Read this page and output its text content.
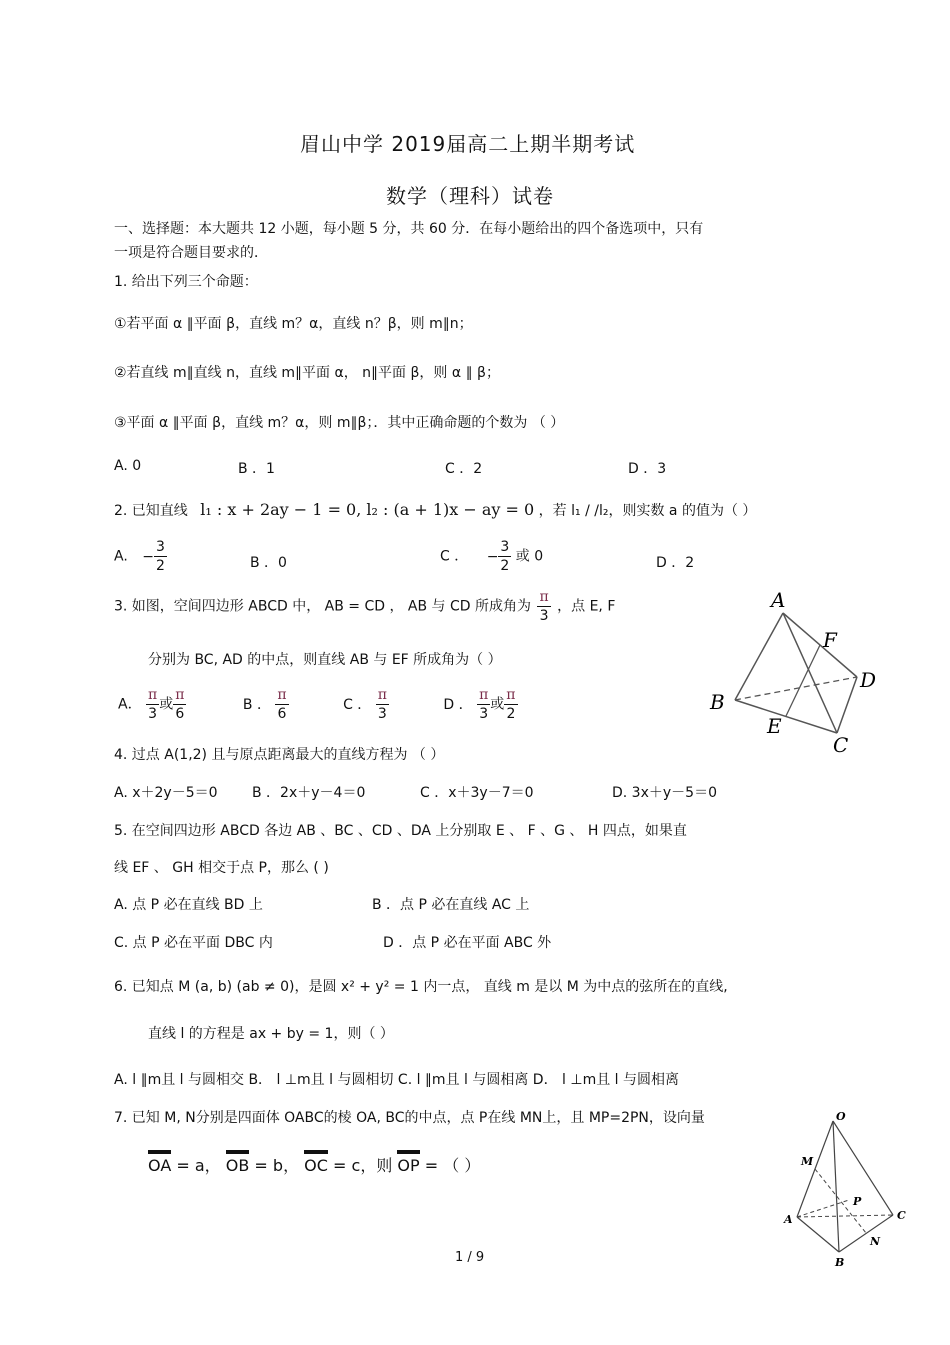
眉山中学 2019届高二上期半期考试
数学（理科）试卷
一、选择题：本大题共 12 小题，每小题 5 分，共 60 分．在每小题给出的四个备选项中，只有
一项是符合题目要求的．
1. 给出下列三个命题：
①若平面 α ∥平面 β，直线 m？α，直线 n？β，则 m∥n；
②若直线 m∥直线 n，直线 m∥平面 α， n∥平面 β，则 α ∥ β；
③平面 α ∥平面 β，直线 m？α，则 m∥β；．其中正确命题的个数为 （ ）
A. 0	B ．1	C ．2	D ．3
2. 已知直线 l₁ : x + 2ay − 1 = 0, l₂ : (a + 1)x − ay = 0 ，若 l₁ / /l₂，则实数 a 的值为（ ）
A. − $\frac{3}{2}$	B ．0	C ． − $\frac{3}{2}$ 或 0	D ．2
3. 如图，空间四边形 ABCD 中， AB = CD ， AB 与 CD 所成角为 $\frac{\pi}{3}$ ，点 E, F
分别为 BC, AD 的中点，则直线 AB 与 EF 所成角为（ ）
A． $\frac{\pi}{3}$ 或 $\frac{\pi}{6}$	B ． $\frac{\pi}{6}$	C ． $\frac{\pi}{3}$	D ． $\frac{\pi}{3}$ 或 $\frac{\pi}{2}$
A
F
D
B
E
C
4. 过点 A(1,2) 且与原点距离最大的直线方程为 （ ）
A. x＋2y－5＝0 B ．2x＋y－4＝0	C ．x＋3y－7＝0	D. 3x＋y－5＝0
5. 在空间四边形 ABCD 各边 AB 、BC 、CD 、DA 上分别取 E 、 F 、G 、 H 四点，如果直
线 EF 、 GH 相交于点 P，那么 ( )
A. 点 P 必在直线 BD 上	B ．点 P 必在直线 AC 上
C. 点 P 必在平面 DBC 内	D ．点 P 必在平面 ABC 外
6. 已知点 M (a, b) (ab ≠ 0)，是圆 x² + y² = 1 内一点， 直线 m 是以 M 为中点的弦所在的直线,
直线 l 的方程是 ax + by = 1，则（ ）
A. l ∥m且 l 与圆相交 B． l ⊥m且 l 与圆相切 C. l ∥m且 l 与圆相离 D． l ⊥m且 l 与圆相离
7. 已知 M, N分别是四面体 OABC的棱 OA, BC的中点，点 P在线 MN上，且 MP=2PN，设向量
OA = a， OB = b， OC = c，则 OP = （ ）
O
M
P
A	C
N
B
1 / 9
